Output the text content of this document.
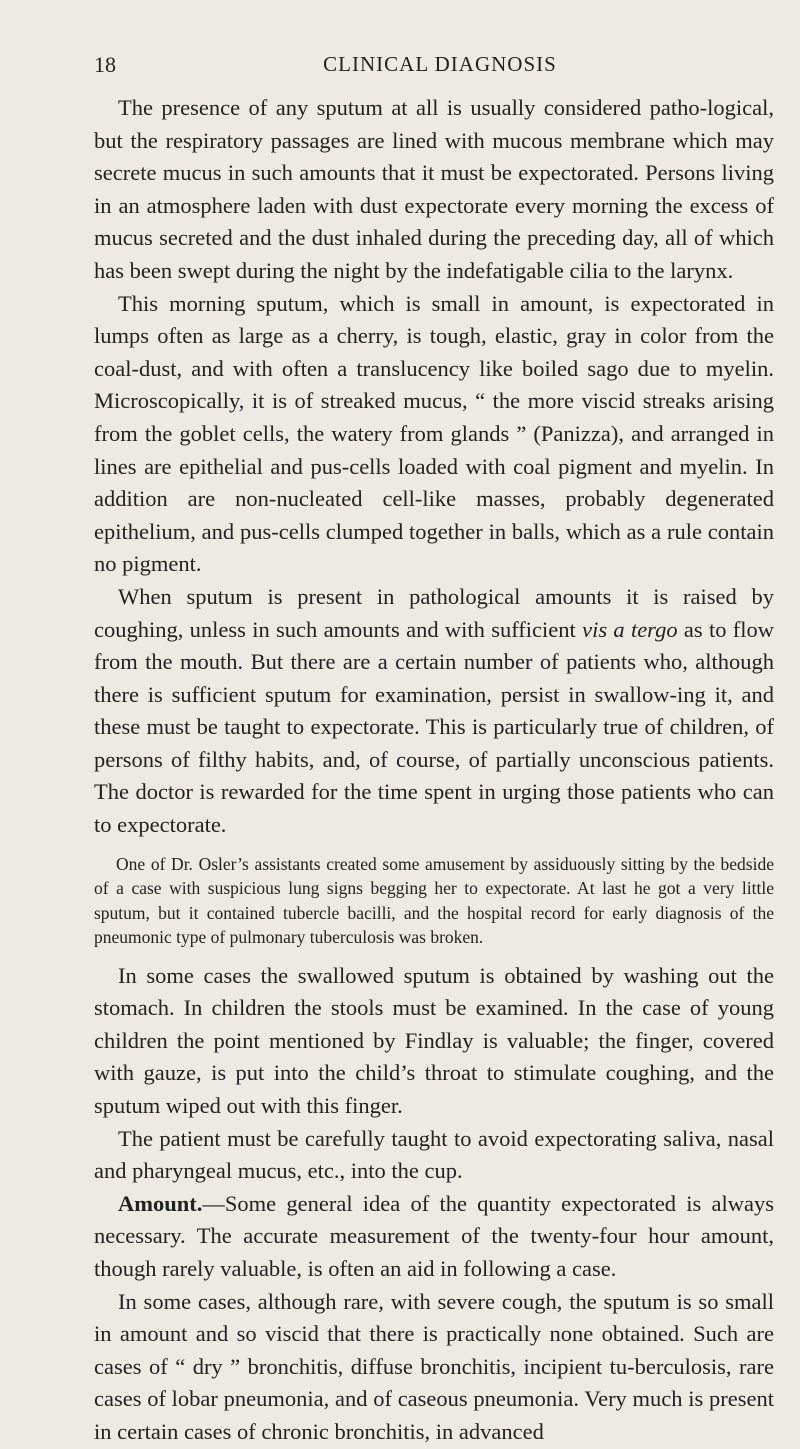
18	CLINICAL DIAGNOSIS

The presence of any sputum at all is usually considered patho-logical, but the respiratory passages are lined with mucous membrane which may secrete mucus in such amounts that it must be expectorated. Persons living in an atmosphere laden with dust expectorate every morning the excess of mucus secreted and the dust inhaled during the preceding day, all of which has been swept during the night by the indefatigable cilia to the larynx.

This morning sputum, which is small in amount, is expectorated in lumps often as large as a cherry, is tough, elastic, gray in color from the coal-dust, and with often a translucency like boiled sago due to myelin. Microscopically, it is of streaked mucus, “ the more viscid streaks arising from the goblet cells, the watery from glands ” (Panizza), and arranged in lines are epithelial and pus-cells loaded with coal pigment and myelin. In addition are non-nucleated cell-like masses, probably degenerated epithelium, and pus-cells clumped together in balls, which as a rule contain no pigment.

When sputum is present in pathological amounts it is raised by coughing, unless in such amounts and with sufficient vis a tergo as to flow from the mouth. But there are a certain number of patients who, although there is sufficient sputum for examination, persist in swallow-ing it, and these must be taught to expectorate. This is particularly true of children, of persons of filthy habits, and, of course, of partially unconscious patients. The doctor is rewarded for the time spent in urging those patients who can to expectorate.

One of Dr. Osler’s assistants created some amusement by assiduously sitting by the bedside of a case with suspicious lung signs begging her to expectorate. At last he got a very little sputum, but it contained tubercle bacilli, and the hospital record for early diagnosis of the pneumonic type of pulmonary tuberculosis was broken.

In some cases the swallowed sputum is obtained by washing out the stomach. In children the stools must be examined. In the case of young children the point mentioned by Findlay is valuable; the finger, covered with gauze, is put into the child’s throat to stimulate coughing, and the sputum wiped out with this finger.

The patient must be carefully taught to avoid expectorating saliva, nasal and pharyngeal mucus, etc., into the cup.

Amount.—Some general idea of the quantity expectorated is always necessary. The accurate measurement of the twenty-four hour amount, though rarely valuable, is often an aid in following a case.

In some cases, although rare, with severe cough, the sputum is so small in amount and so viscid that there is practically none obtained. Such are cases of “ dry ” bronchitis, diffuse bronchitis, incipient tu-berculosis, rare cases of lobar pneumonia, and of caseous pneumonia. Very much is present in certain cases of chronic bronchitis, in advanced
